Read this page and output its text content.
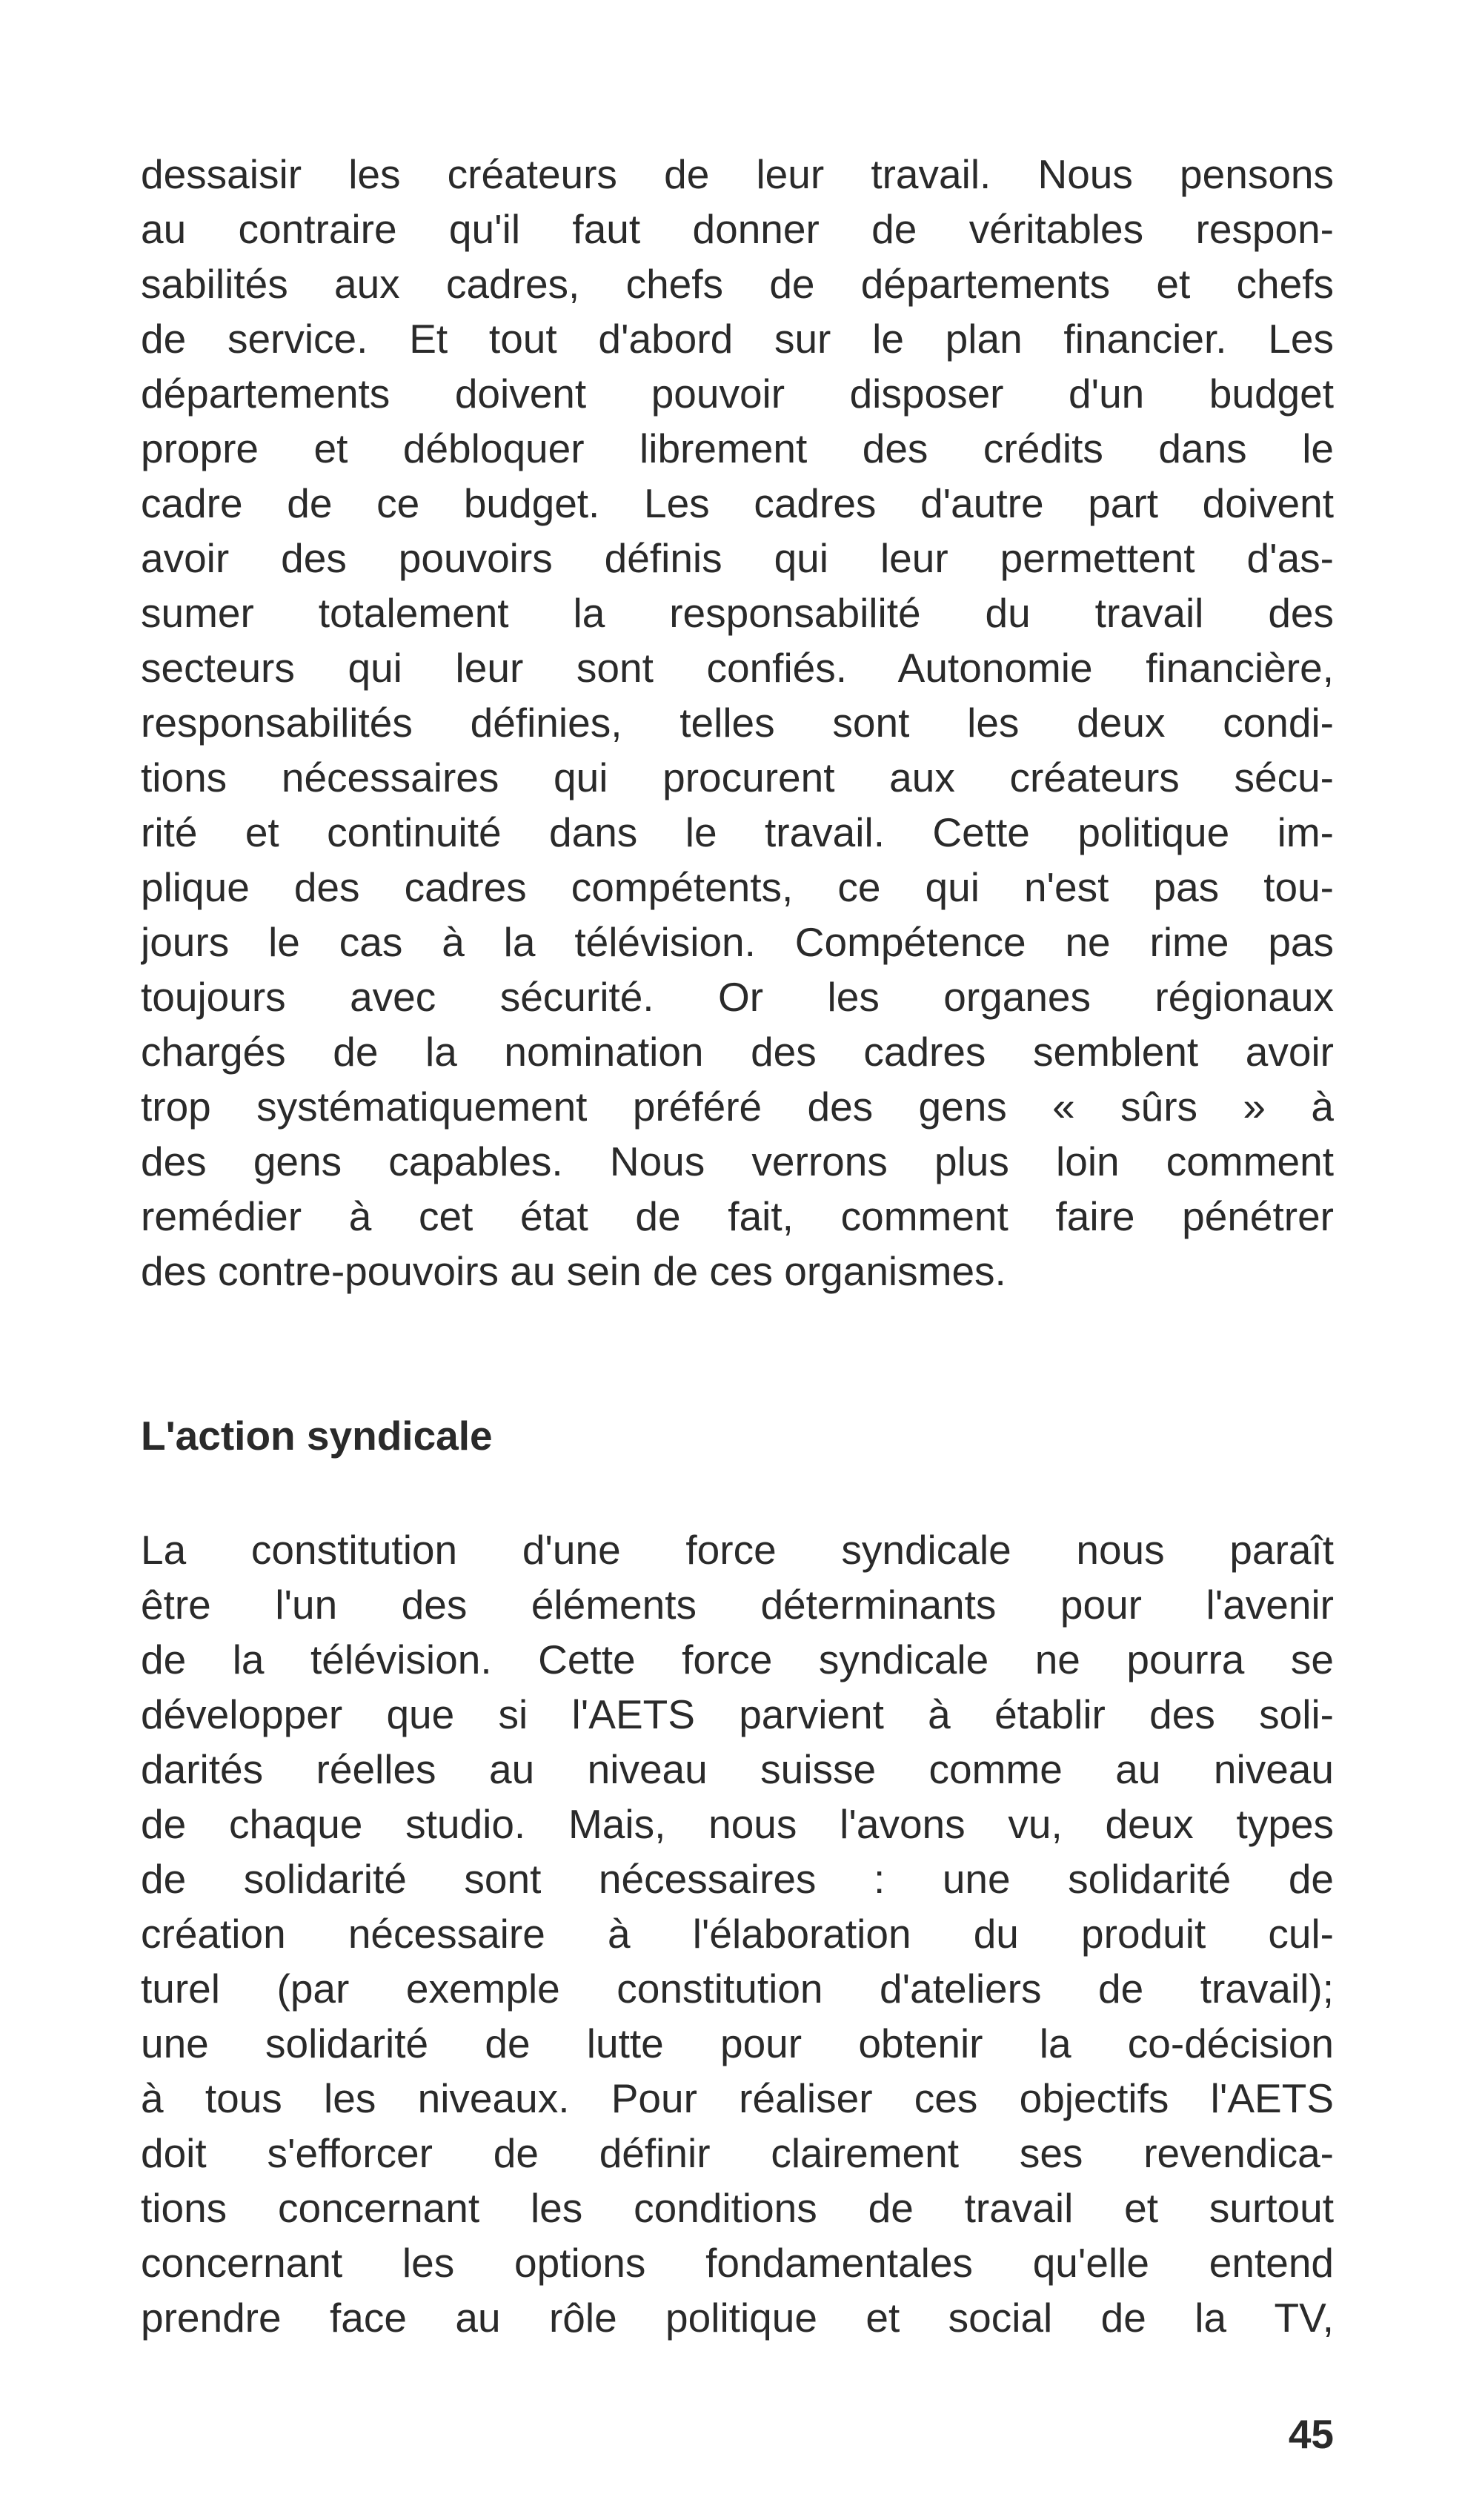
dessaisir les créateurs de leur travail. Nous pensons
au contraire qu'il faut donner de véritables respon-
sabilités aux cadres, chefs de départements et chefs
de service. Et tout d'abord sur le plan financier. Les
départements doivent pouvoir disposer d'un budget
propre et débloquer librement des crédits dans le
cadre de ce budget. Les cadres d'autre part doivent
avoir des pouvoirs définis qui leur permettent d'as-
sumer totalement la responsabilité du travail des
secteurs qui leur sont confiés. Autonomie financière,
responsabilités définies, telles sont les deux condi-
tions nécessaires qui procurent aux créateurs sécu-
rité et continuité dans le travail. Cette politique im-
plique des cadres compétents, ce qui n'est pas tou-
jours le cas à la télévision. Compétence ne rime pas
toujours avec sécurité. Or les organes régionaux
chargés de la nomination des cadres semblent avoir
trop systématiquement préféré des gens « sûrs » à
des gens capables. Nous verrons plus loin comment
remédier à cet état de fait, comment faire pénétrer
des contre-pouvoirs au sein de ces organismes.
L'action syndicale
La constitution d'une force syndicale nous paraît
être l'un des éléments déterminants pour l'avenir
de la télévision. Cette force syndicale ne pourra se
développer que si l'AETS parvient à établir des soli-
darités réelles au niveau suisse comme au niveau
de chaque studio. Mais, nous l'avons vu, deux types
de solidarité sont nécessaires : une solidarité de
création nécessaire à l'élaboration du produit cul-
turel (par exemple constitution d'ateliers de travail);
une solidarité de lutte pour obtenir la co-décision
à tous les niveaux. Pour réaliser ces objectifs l'AETS
doit s'efforcer de définir clairement ses revendica-
tions concernant les conditions de travail et surtout
concernant les options fondamentales qu'elle entend
prendre face au rôle politique et social de la TV,
45
